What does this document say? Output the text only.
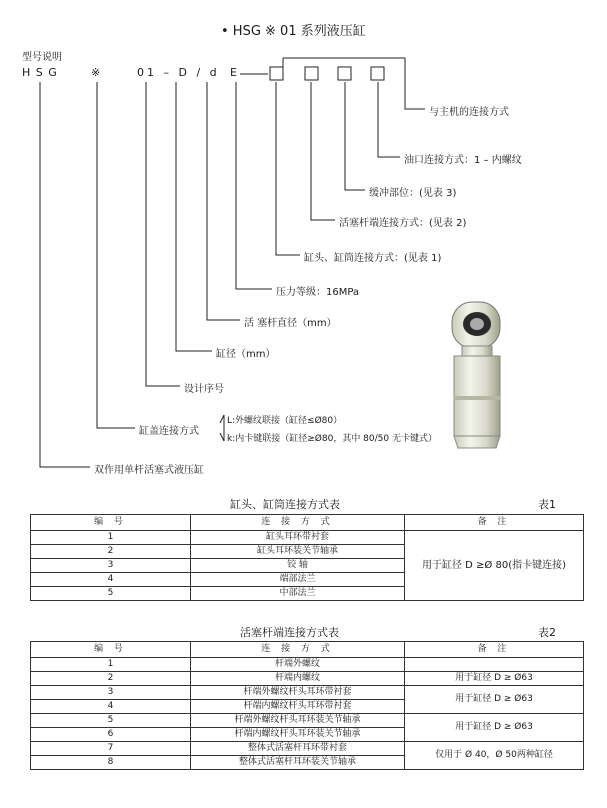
• HSG ※ 01 系列液压缸
型号说明
H S G	※	01 – D / d E
与主机的连接方式
油口连接方式：1 – 内螺纹
缓冲部位：(见表 3)
活塞杆端连接方式：(见表 2)
缸头、缸筒连接方式：(见表 1)
压力等级：16MPa
活 塞杆直径（mm）
缸径（mm）
设计序号
缸盖连接方式
L:外螺纹联接（缸径≤Ø80）
k:内卡键联接（缸径≥Ø80，其中 80/50 无卡键式）
双作用单杆活塞式液压缸
缸头、缸筒连接方式表	表1
编 号	连 接 方 式	备 注
1	缸头耳环带衬套	用于缸径 D ≥Ø 80(指卡键连接)
2	缸头耳环装关节轴承	
3	铰 轴	
4	端部法兰	
5	中部法兰	
活塞杆端连接方式表	表2
编 号	连 接 方 式	备 注
1	杆端外螺纹	
2	杆端内螺纹	用于缸径 D ≥ Ø63
3	杆端外螺纹杆头耳环带衬套	用于缸径 D ≥ Ø63
4	杆端内螺纹杆头耳环带衬套	
5	杆端外螺纹杆头耳环装关节轴承	用于缸径 D ≥ Ø63
6	杆端内螺纹杆头耳环装关节轴承	
7	整体式活塞杆耳环带衬套	仅用于 Ø 40，Ø 50两种缸径
8	整体式活塞杆耳环装关节轴承	
